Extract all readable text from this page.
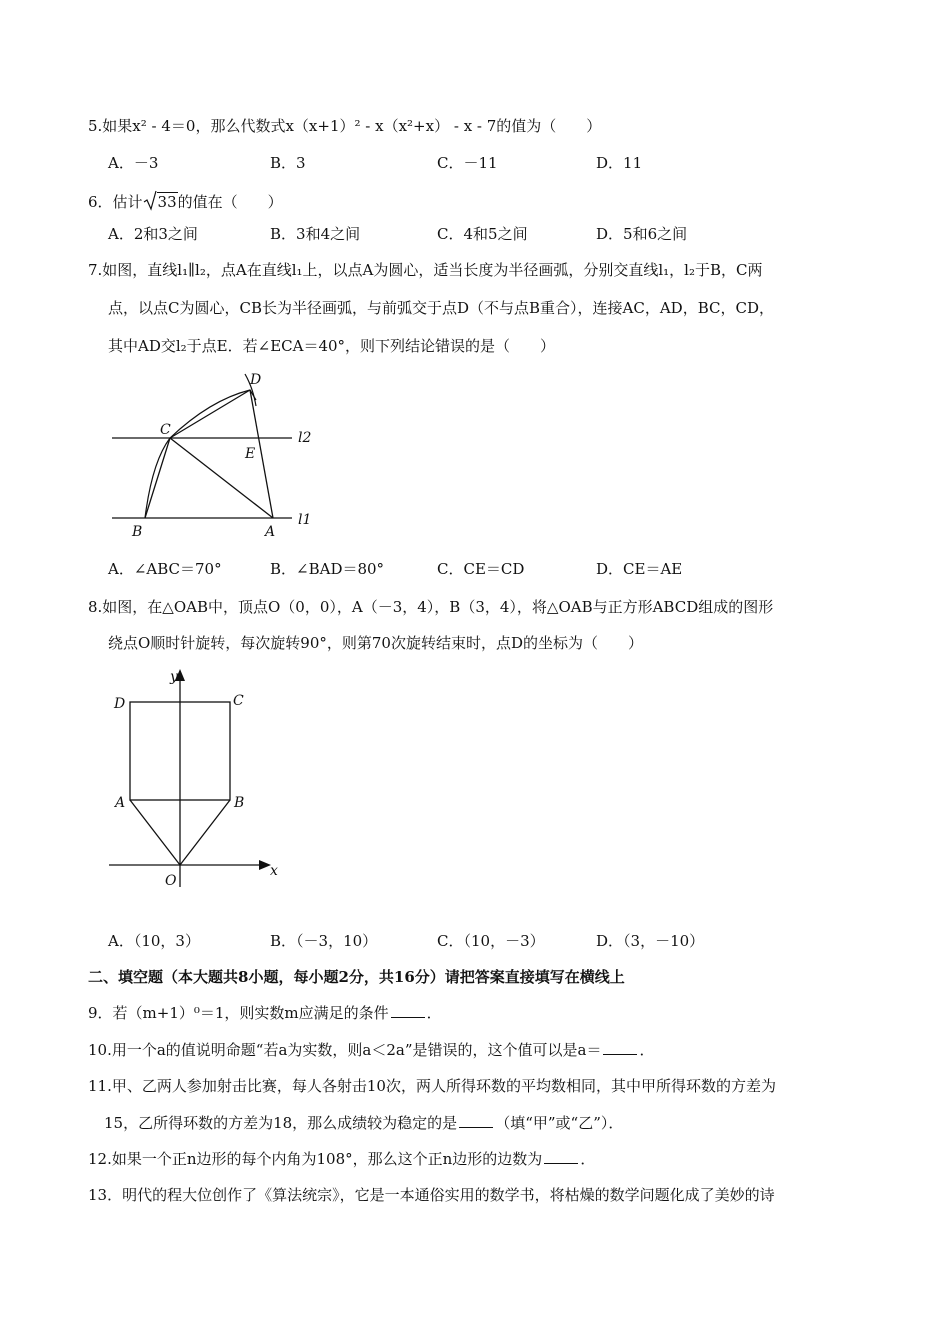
5.如果x² - 4＝0，那么代数式x（x+1）² - x（x²+x） - x - 7的值为（　　）
A．－3	B．3	C．－11	D．11
6．估计 33的值在（　　）
A．2和3之间	B．3和4之间	C．4和5之间	D．5和6之间
7.如图，直线l₁∥l₂，点A在直线l₁上，以点A为圆心，适当长度为半径画弧，分别交直线l₁，l₂于B，C两
点，以点C为圆心，CB长为半径画弧，与前弧交于点D（不与点B重合），连接AC，AD，BC，CD，
其中AD交l₂于点E．若∠ECA＝40°，则下列结论错误的是（　　）
D
C
E
B	A
l2
l1
A．∠ABC＝70°	B．∠BAD＝80°	C．CE＝CD	D．CE＝AE
8.如图，在△OAB中，顶点O（0，0），A（－3，4），B（3，4），将△OAB与正方形ABCD组成的图形
绕点O顺时针旋转，每次旋转90°，则第70次旋转结束时，点D的坐标为（　　）
y
x
D	C
A	B
O
A．（10，3）	B．（－3，10）	C．（10，－3）	D．（3，－10）
二、填空题（本大题共8小题，每小题2分，共16分）请把答案直接填写在横线上
9．若（m+1）⁰＝1，则实数m应满足的条件	．
10.用一个a的值说明命题“若a为实数，则a＜2a”是错误的，这个值可以是a＝	．
11.甲、乙两人参加射击比赛，每人各射击10次，两人所得环数的平均数相同，其中甲所得环数的方差为
15，乙所得环数的方差为18，那么成绩较为稳定的是	（填“甲”或“乙”）．
12.如果一个正n边形的每个内角为108°，那么这个正n边形的边数为	．
13．明代的程大位创作了《算法统宗》，它是一本通俗实用的数学书，将枯燥的数学问题化成了美妙的诗
